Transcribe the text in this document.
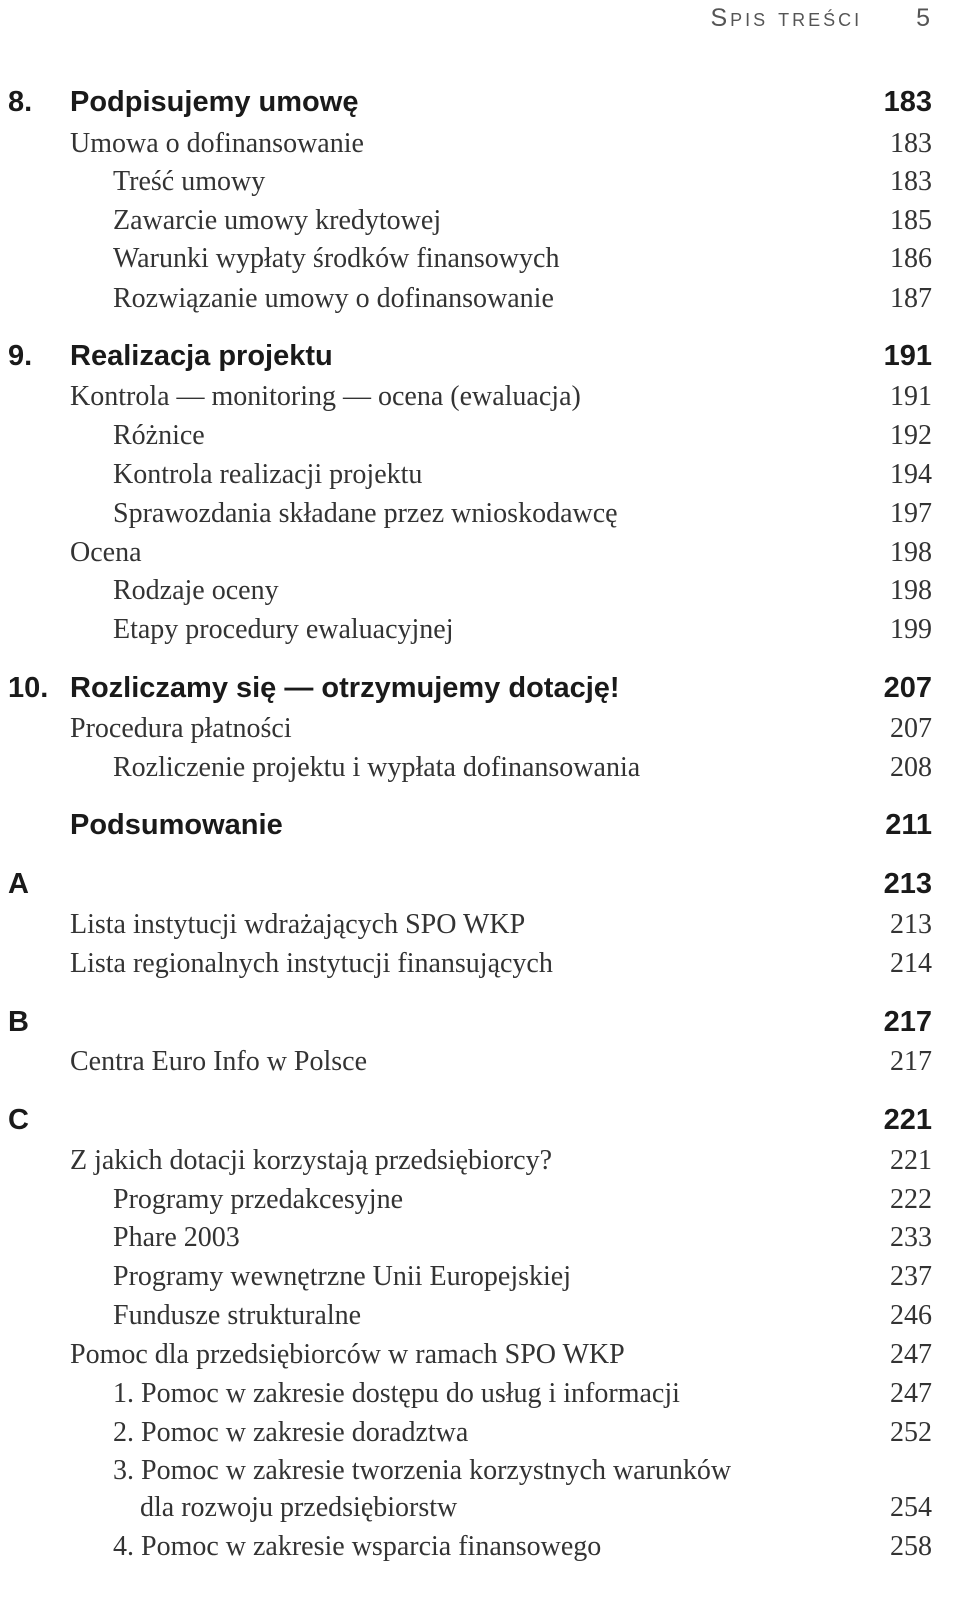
Spis treści 5
8. Podpisujemy umowę	183
Umowa o dofinansowanie	183
Treść umowy	183
Zawarcie umowy kredytowej	185
Warunki wypłaty środków finansowych	186
Rozwiązanie umowy o dofinansowanie	187
9. Realizacja projektu	191
Kontrola — monitoring — ocena (ewaluacja)	191
Różnice	192
Kontrola realizacji projektu	194
Sprawozdania składane przez wnioskodawcę	197
Ocena	198
Rodzaje oceny	198
Etapy procedury ewaluacyjnej	199
10. Rozliczamy się — otrzymujemy dotację!	207
Procedura płatności	207
Rozliczenie projektu i wypłata dofinansowania	208
Podsumowanie	211
A	213
Lista instytucji wdrażających SPO WKP	213
Lista regionalnych instytucji finansujących	214
B	217
Centra Euro Info w Polsce	217
C	221
Z jakich dotacji korzystają przedsiębiorcy?	221
Programy przedakcesyjne	222
Phare 2003	233
Programy wewnętrzne Unii Europejskiej	237
Fundusze strukturalne	246
Pomoc dla przedsiębiorców w ramach SPO WKP	247
1. Pomoc w zakresie dostępu do usług i informacji	247
2. Pomoc w zakresie doradztwa	252
3. Pomoc w zakresie tworzenia korzystnych warunków
dla rozwoju przedsiębiorstw	254
4. Pomoc w zakresie wsparcia finansowego	258
